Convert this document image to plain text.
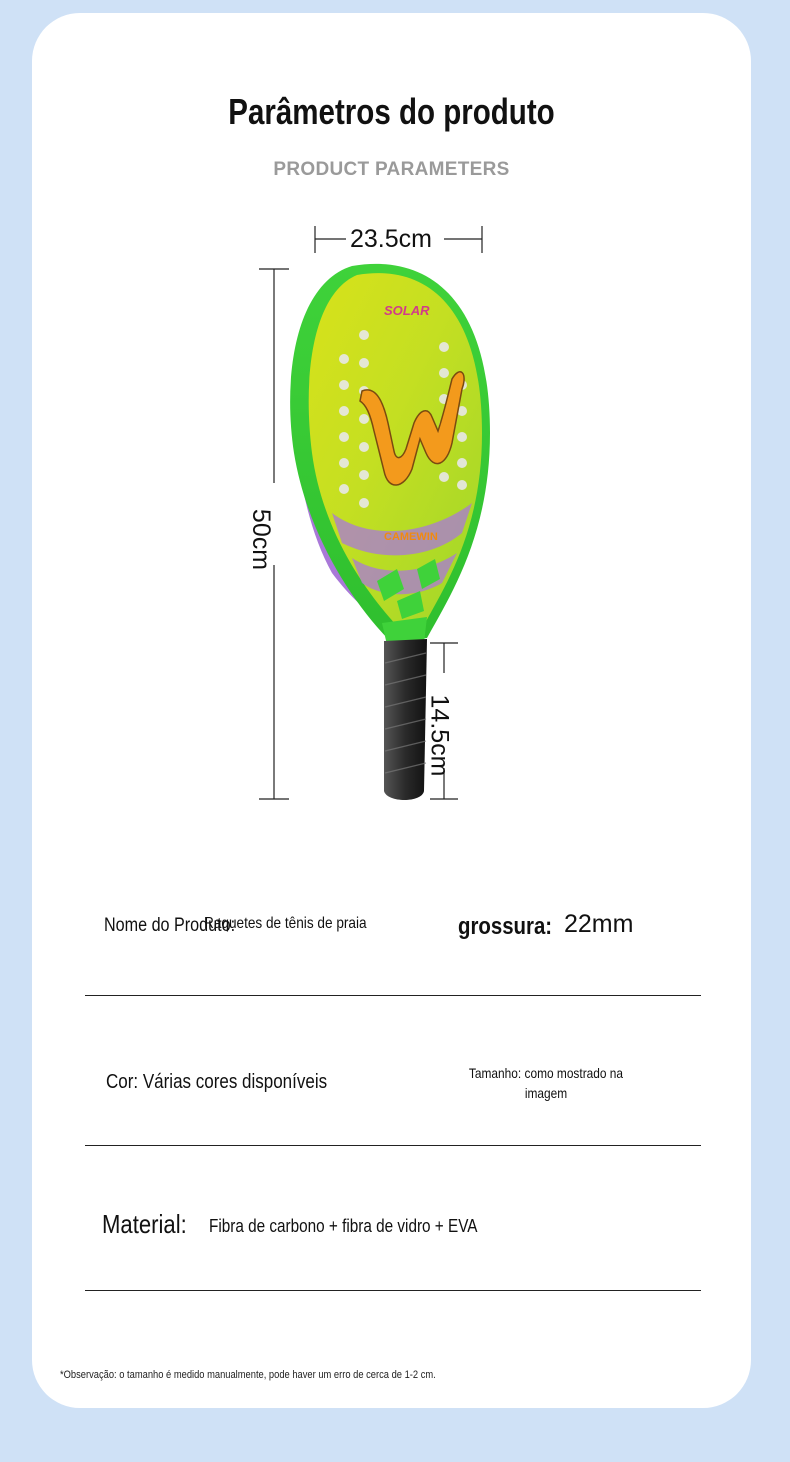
Parâmetros do produto
PRODUCT PARAMETERS
SOLAR
CAMEWIN
23.5cm
50cm
14.5cm
Nome do Produto:
Raquetes de tênis de praia	grossura: 22mm
Cor: Várias cores disponíveis	Tamanho: como mostrado na
imagem
Material: Fibra de carbono + fibra de vidro + EVA
*Observação: o tamanho é medido manualmente, pode haver um erro de cerca de 1-2 cm.
